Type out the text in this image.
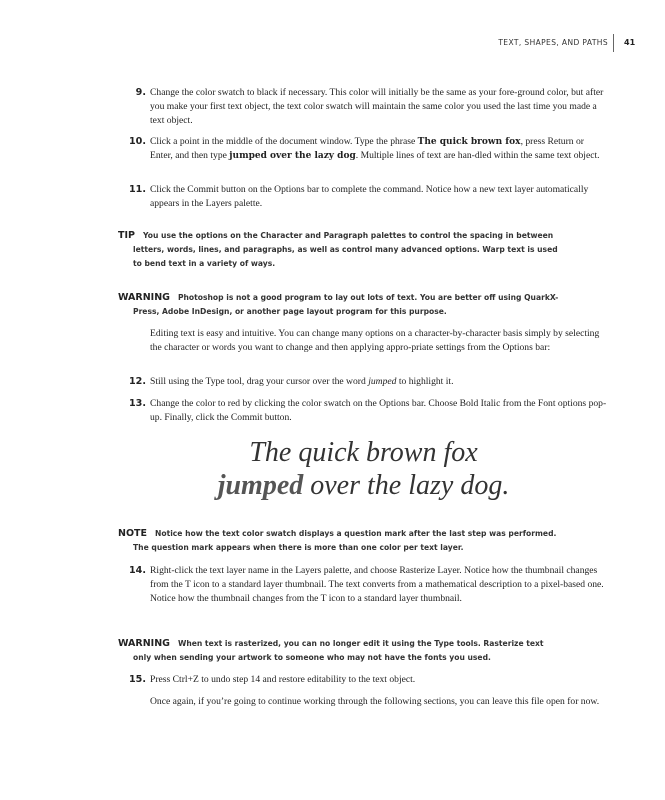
TEXT, SHAPES, AND PATHS 41
9. Change the color swatch to black if necessary. This color will initially be the same as your fore-ground color, but after you make your first text object, the text color swatch will maintain the same color you used the last time you made a text object.
10. Click a point in the middle of the document window. Type the phrase The quick brown fox, press Return or Enter, and then type jumped over the lazy dog. Multiple lines of text are han-dled within the same text object.
11. Click the Commit button on the Options bar to complete the command. Notice how a new text layer automatically appears in the Layers palette.
TIP You use the options on the Character and Paragraph palettes to control the spacing in between
letters, words, lines, and paragraphs, as well as control many advanced options. Warp text is used
to bend text in a variety of ways.
WARNING Photoshop is not a good program to lay out lots of text. You are better off using QuarkX-
Press, Adobe InDesign, or another page layout program for this purpose.
Editing text is easy and intuitive. You can change many options on a character-by-character basis simply by selecting the character or words you want to change and then applying appro-priate settings from the Options bar:
12. Still using the Type tool, drag your cursor over the word jumped to highlight it.
13. Change the color to red by clicking the color swatch on the Options bar. Choose Bold Italic from the Font options pop-up. Finally, click the Commit button.
The quick brown fox
jumped over the lazy dog.
NOTE Notice how the text color swatch displays a question mark after the last step was performed.
The question mark appears when there is more than one color per text layer.
14. Right-click the text layer name in the Layers palette, and choose Rasterize Layer. Notice how the thumbnail changes from the T icon to a standard layer thumbnail. The text converts from a mathematical description to a pixel-based one. Notice how the thumbnail changes from the T icon to a standard layer thumbnail.
WARNING When text is rasterized, you can no longer edit it using the Type tools. Rasterize text
only when sending your artwork to someone who may not have the fonts you used.
15. Press Ctrl+Z to undo step 14 and restore editability to the text object.
Once again, if you’re going to continue working through the following sections, you can leave this file open for now.
